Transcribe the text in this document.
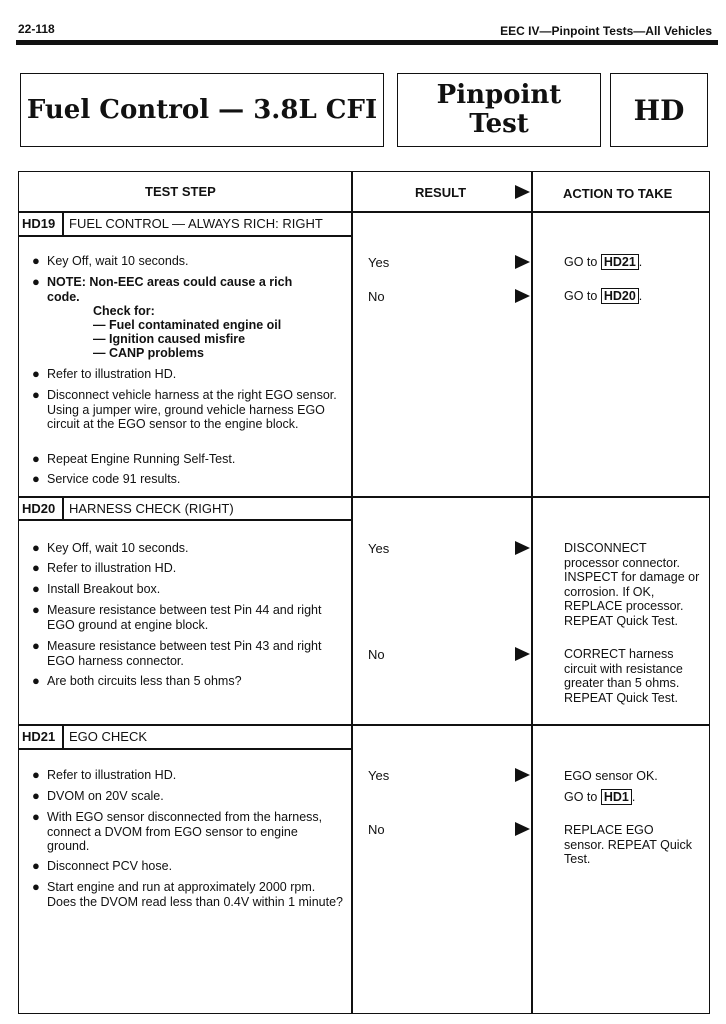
22-118	EEC IV—Pinpoint Tests—All Vehicles
Fuel Control — 3.8L CFI Pinpoint
Test	HD
TEST STEP	RESULT	ACTION TO TAKE
HD19 FUEL CONTROL — ALWAYS RICH: RIGHT
● Key Off, wait 10 seconds.
● NOTE: Non-EEC areas could cause a rich code.
Check for:
— Fuel contaminated engine oil
— Ignition caused misfire
— CANP problems
● Refer to illustration HD.
● Disconnect vehicle harness at the right EGO sensor. Using a jumper wire, ground vehicle harness EGO circuit at the EGO sensor to the engine block.
● Repeat Engine Running Self-Test.
● Service code 91 results.
Yes	GO to HD21 .
No	GO to HD20 .
HD20 HARNESS CHECK (RIGHT)
● Key Off, wait 10 seconds.
● Refer to illustration HD.
● Install Breakout box.
● Measure resistance between test Pin 44 and right EGO ground at engine block.
● Measure resistance between test Pin 43 and right EGO harness connector.
● Are both circuits less than 5 ohms?
Yes	DISCONNECT processor connector. INSPECT for damage or corrosion. If OK, REPLACE processor. REPEAT Quick Test.
No	CORRECT harness circuit with resistance greater than 5 ohms. REPEAT Quick Test.
HD21 EGO CHECK
● Refer to illustration HD.
● DVOM on 20V scale.
● With EGO sensor disconnected from the harness, connect a DVOM from EGO sensor to engine ground.
● Disconnect PCV hose.
● Start engine and run at approximately 2000 rpm. Does the DVOM read less than 0.4V within 1 minute?
Yes	EGO sensor OK.
GO to HD1 .
No	REPLACE EGO sensor. REPEAT Quick Test.
